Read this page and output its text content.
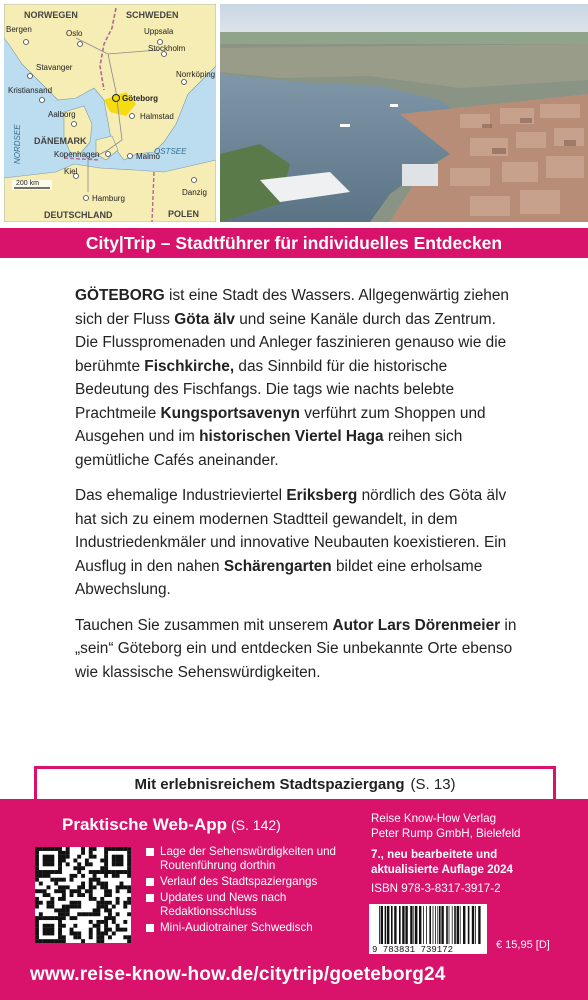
NORWEGEN	SCHWEDEN
DÄNEMARK
DEUTSCHLAND	POLEN
NORDSEE	OSTSEE
Bergen	Oslo	Uppsala
Stockholm
Stavanger
Norrköping
Kristiansand
Göteborg
Aalborg	Halmstad
Kopenhagen	Malmö
Kiel
Hamburg
Danzig
200 km
City|Trip – Stadtführer für individuelles Entdecken

GÖTEBORG ist eine Stadt des Wassers. Allgegenwärtig ziehen sich der Fluss Göta älv und seine Kanäle durch das Zentrum. Die Flusspromenaden und Anleger faszinieren genauso wie die berühmte Fischkirche, das Sinnbild für die historische Bedeutung des Fischfangs. Die tags wie nachts belebte Prachtmeile Kungsportsavenyn verführt zum Shoppen und Ausgehen und im historischen Viertel Haga reihen sich gemütliche Cafés aneinander.

Das ehemalige Industrieviertel Eriksberg nördlich des Göta älv hat sich zu einem modernen Stadtteil gewandelt, in dem Industriedenkmäler und innovative Neubauten koexistieren. Ein Ausflug in den nahen Schärengarten bildet eine erholsame Abwechslung.

Tauchen Sie zusammen mit unserem Autor Lars Dörenmeier in „sein“ Göteborg ein und entdecken Sie unbekannte Orte ebenso wie klassische Sehenswürdigkeiten.

Mit erlebnisreichem Stadtspaziergang (S. 13)
Praktische Web-App (S. 142)
Lage der Sehenswürdigkeiten und Routenführung dorthin
Verlauf des Stadtspaziergangs
Updates und News nach Redaktionsschluss
Mini-Audiotrainer Schwedisch
Reise Know-How Verlag
Peter Rump GmbH, Bielefeld
7., neu bearbeitete und
aktualisierte Auflage 2024
ISBN 978-3-8317-3917-2
9 783831 739172	€ 15,95 [D]
www.reise-know-how.de/citytrip/goeteborg24
